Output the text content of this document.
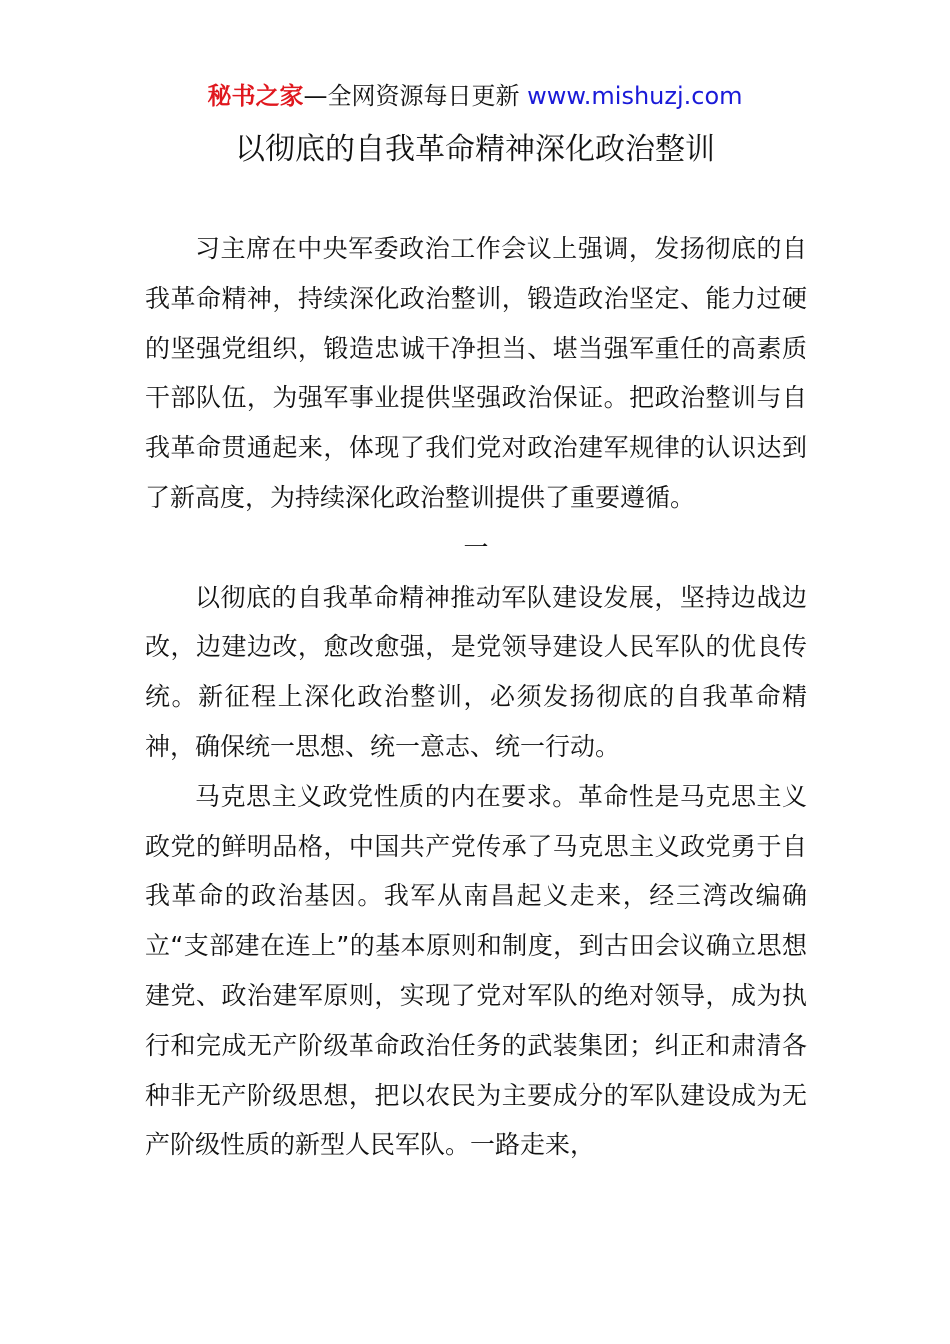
秘书之家—全网资源每日更新 www.mishuzj.com
以彻底的自我革命精神深化政治整训

习主席在中央军委政治工作会议上强调，发扬彻底的自我革命精神，持续深化政治整训，锻造政治坚定、能力过硬的坚强党组织，锻造忠诚干净担当、堪当强军重任的高素质干部队伍，为强军事业提供坚强政治保证。把政治整训与自我革命贯通起来，体现了我们党对政治建军规律的认识达到了新高度，为持续深化政治整训提供了重要遵循。

一

以彻底的自我革命精神推动军队建设发展，坚持边战边改，边建边改，愈改愈强，是党领导建设人民军队的优良传统。新征程上深化政治整训，必须发扬彻底的自我革命精神，确保统一思想、统一意志、统一行动。

马克思主义政党性质的内在要求。革命性是马克思主义政党的鲜明品格，中国共产党传承了马克思主义政党勇于自我革命的政治基因。我军从南昌起义走来，经三湾改编确立“支部建在连上”的基本原则和制度，到古田会议确立思想建党、政治建军原则，实现了党对军队的绝对领导，成为执行和完成无产阶级革命政治任务的武装集团；纠正和肃清各种非无产阶级思想，把以农民为主要成分的军队建设成为无产阶级性质的新型人民军队。一路走来，
